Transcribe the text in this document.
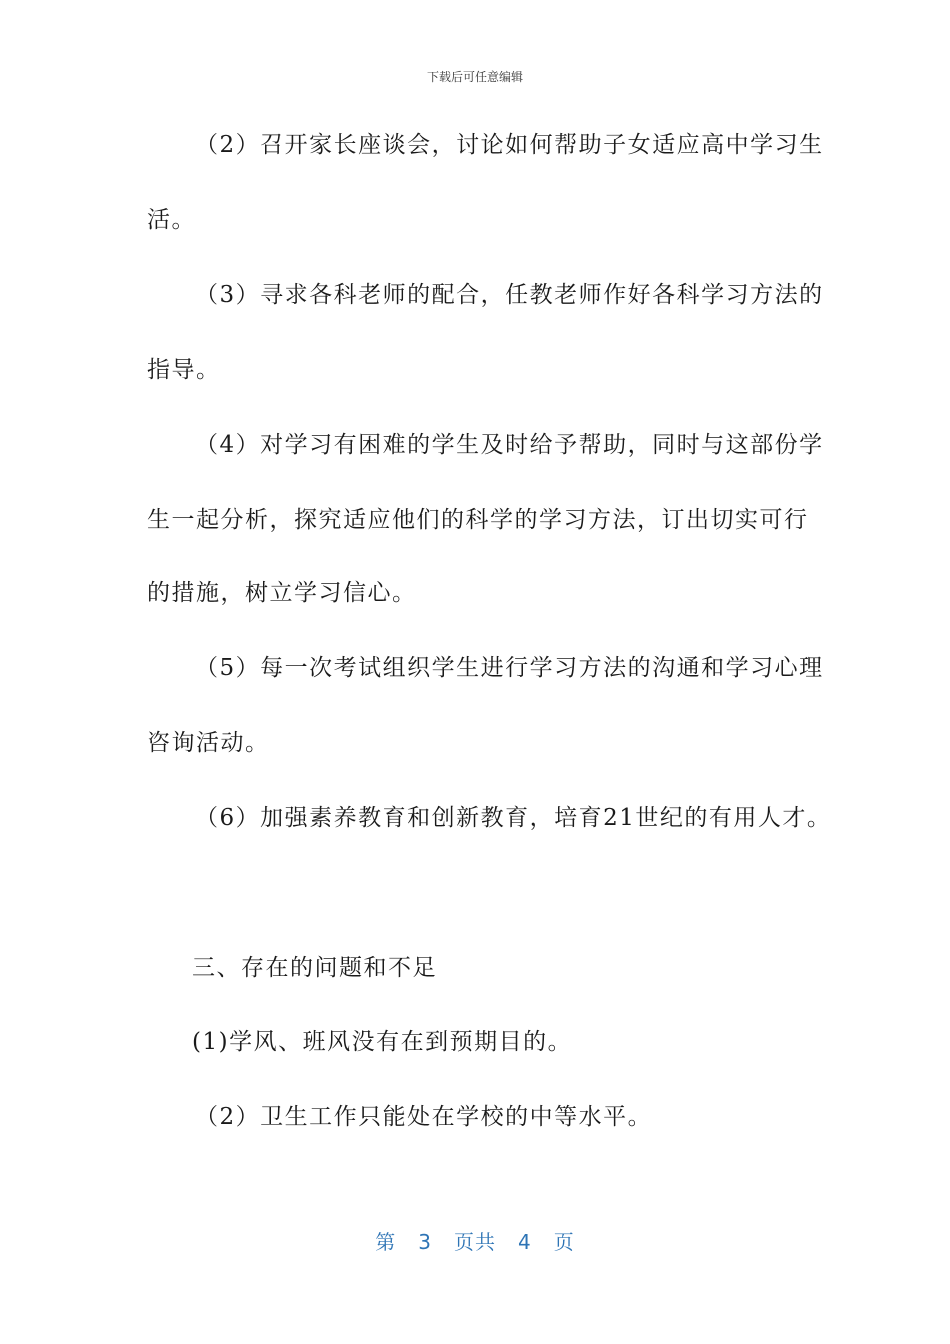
下载后可任意编辑
（2）召开家长座谈会，讨论如何帮助子女适应高中学习生
活。
（3）寻求各科老师的配合，任教老师作好各科学习方法的
指导。
（4）对学习有困难的学生及时给予帮助，同时与这部份学
生一起分析，探究适应他们的科学的学习方法，订出切实可行
的措施，树立学习信心。
（5）每一次考试组织学生进行学习方法的沟通和学习心理
咨询活动。
（6）加强素养教育和创新教育，培育21世纪的有用人才。
三、存在的问题和不足
(1)学风、班风没有在到预期目的。
（2）卫生工作只能处在学校的中等水平。
第 3 页共 4 页
